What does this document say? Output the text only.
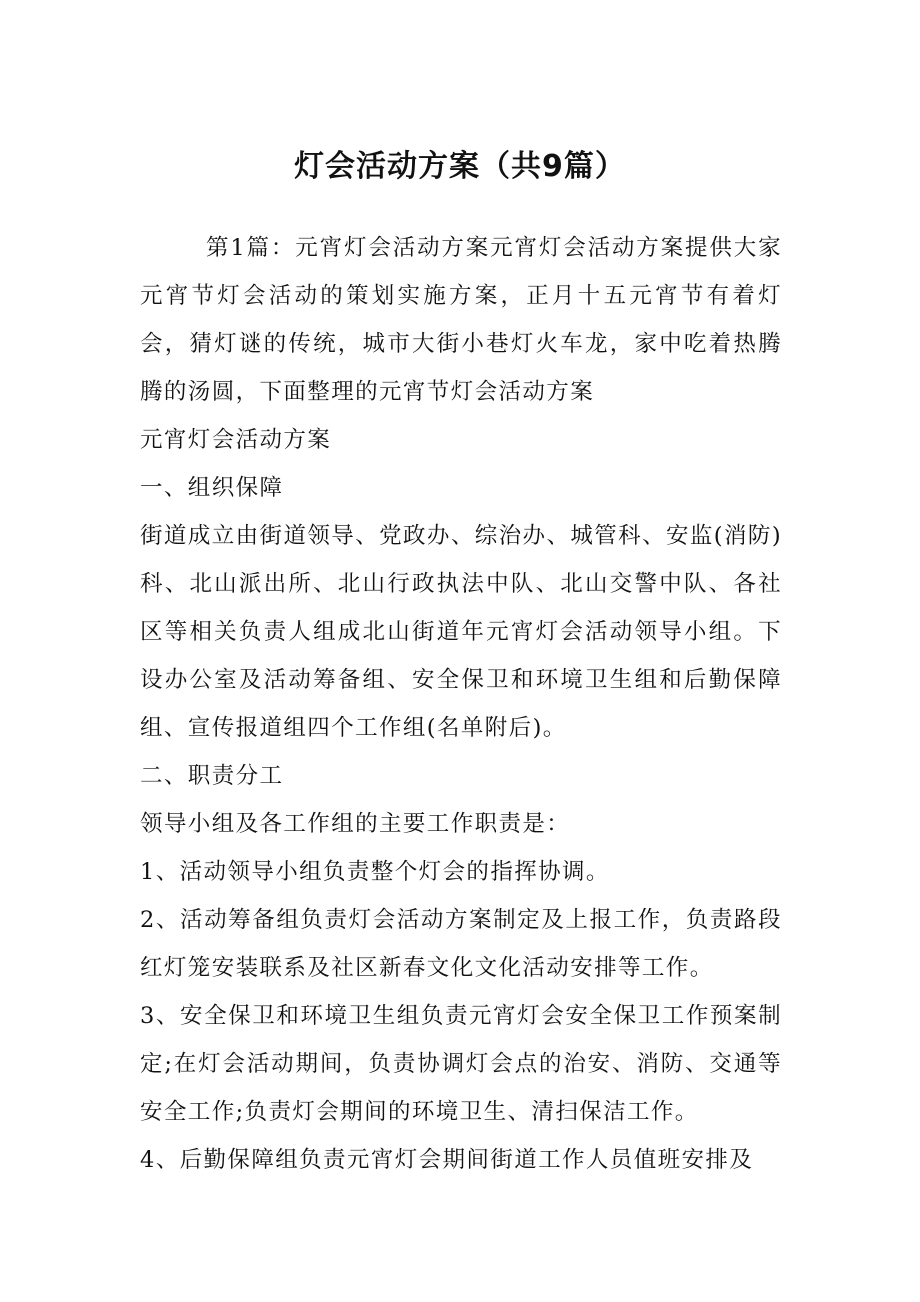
灯会活动方案（共9篇）

第1篇：元宵灯会活动方案元宵灯会活动方案提供大家元宵节灯会活动的策划实施方案，正月十五元宵节有着灯会，猜灯谜的传统，城市大街小巷灯火车龙，家中吃着热腾腾的汤圆，下面整理的元宵节灯会活动方案

元宵灯会活动方案

一、组织保障

街道成立由街道领导、党政办、综治办、城管科、安监(消防)科、北山派出所、北山行政执法中队、北山交警中队、各社区等相关负责人组成北山街道年元宵灯会活动领导小组。下设办公室及活动筹备组、安全保卫和环境卫生组和后勤保障组、宣传报道组四个工作组(名单附后)。

二、职责分工

领导小组及各工作组的主要工作职责是：

1、活动领导小组负责整个灯会的指挥协调。

2、活动筹备组负责灯会活动方案制定及上报工作，负责路段红灯笼安装联系及社区新春文化文化活动安排等工作。

3、安全保卫和环境卫生组负责元宵灯会安全保卫工作预案制定;在灯会活动期间，负责协调灯会点的治安、消防、交通等安全工作;负责灯会期间的环境卫生、清扫保洁工作。

4、后勤保障组负责元宵灯会期间街道工作人员值班安排及
